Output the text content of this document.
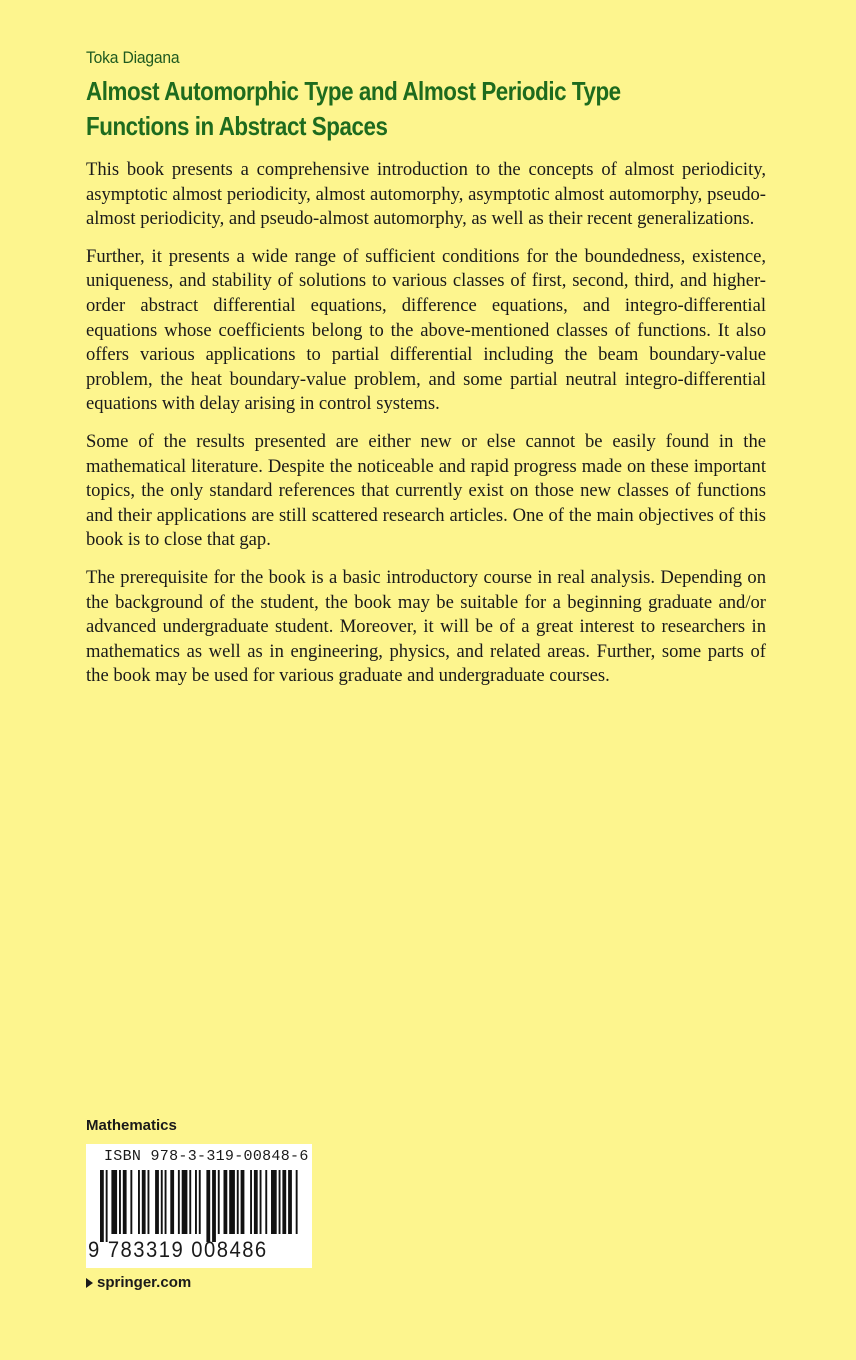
Toka Diagana
Almost Automorphic Type and Almost Periodic Type
Functions in Abstract Spaces

This book presents a comprehensive introduction to the concepts of almost periodicity, asymptotic almost periodicity, almost automorphy, asymptotic almost automorphy, pseudo-almost periodicity, and pseudo-almost automorphy, as well as their recent generalizations.

Further, it presents a wide range of sufficient conditions for the boundedness, existence, uniqueness, and stability of solutions to various classes of first, second, third, and higher-order abstract differential equations, difference equations, and integro-differential equations whose coefficients belong to the above-mentioned classes of functions. It also offers various applications to partial differential including the beam boundary-value problem, the heat boundary-value problem, and some partial neutral integro-differential equations with delay arising in control systems.

Some of the results presented are either new or else cannot be easily found in the mathematical literature. Despite the noticeable and rapid progress made on these important topics, the only standard references that currently exist on those new classes of functions and their applications are still scattered research articles. One of the main objectives of this book is to close that gap.

The prerequisite for the book is a basic introductory course in real analysis. Depending on the background of the student, the book may be suitable for a beginning graduate and/or advanced undergraduate student. Moreover, it will be of a great interest to researchers in mathematics as well as in engineering, physics, and related areas. Further, some parts of the book may be used for various graduate and undergraduate courses.

Mathematics
ISBN 978-3-319-00848-6
9 783319 008486
springer.com
